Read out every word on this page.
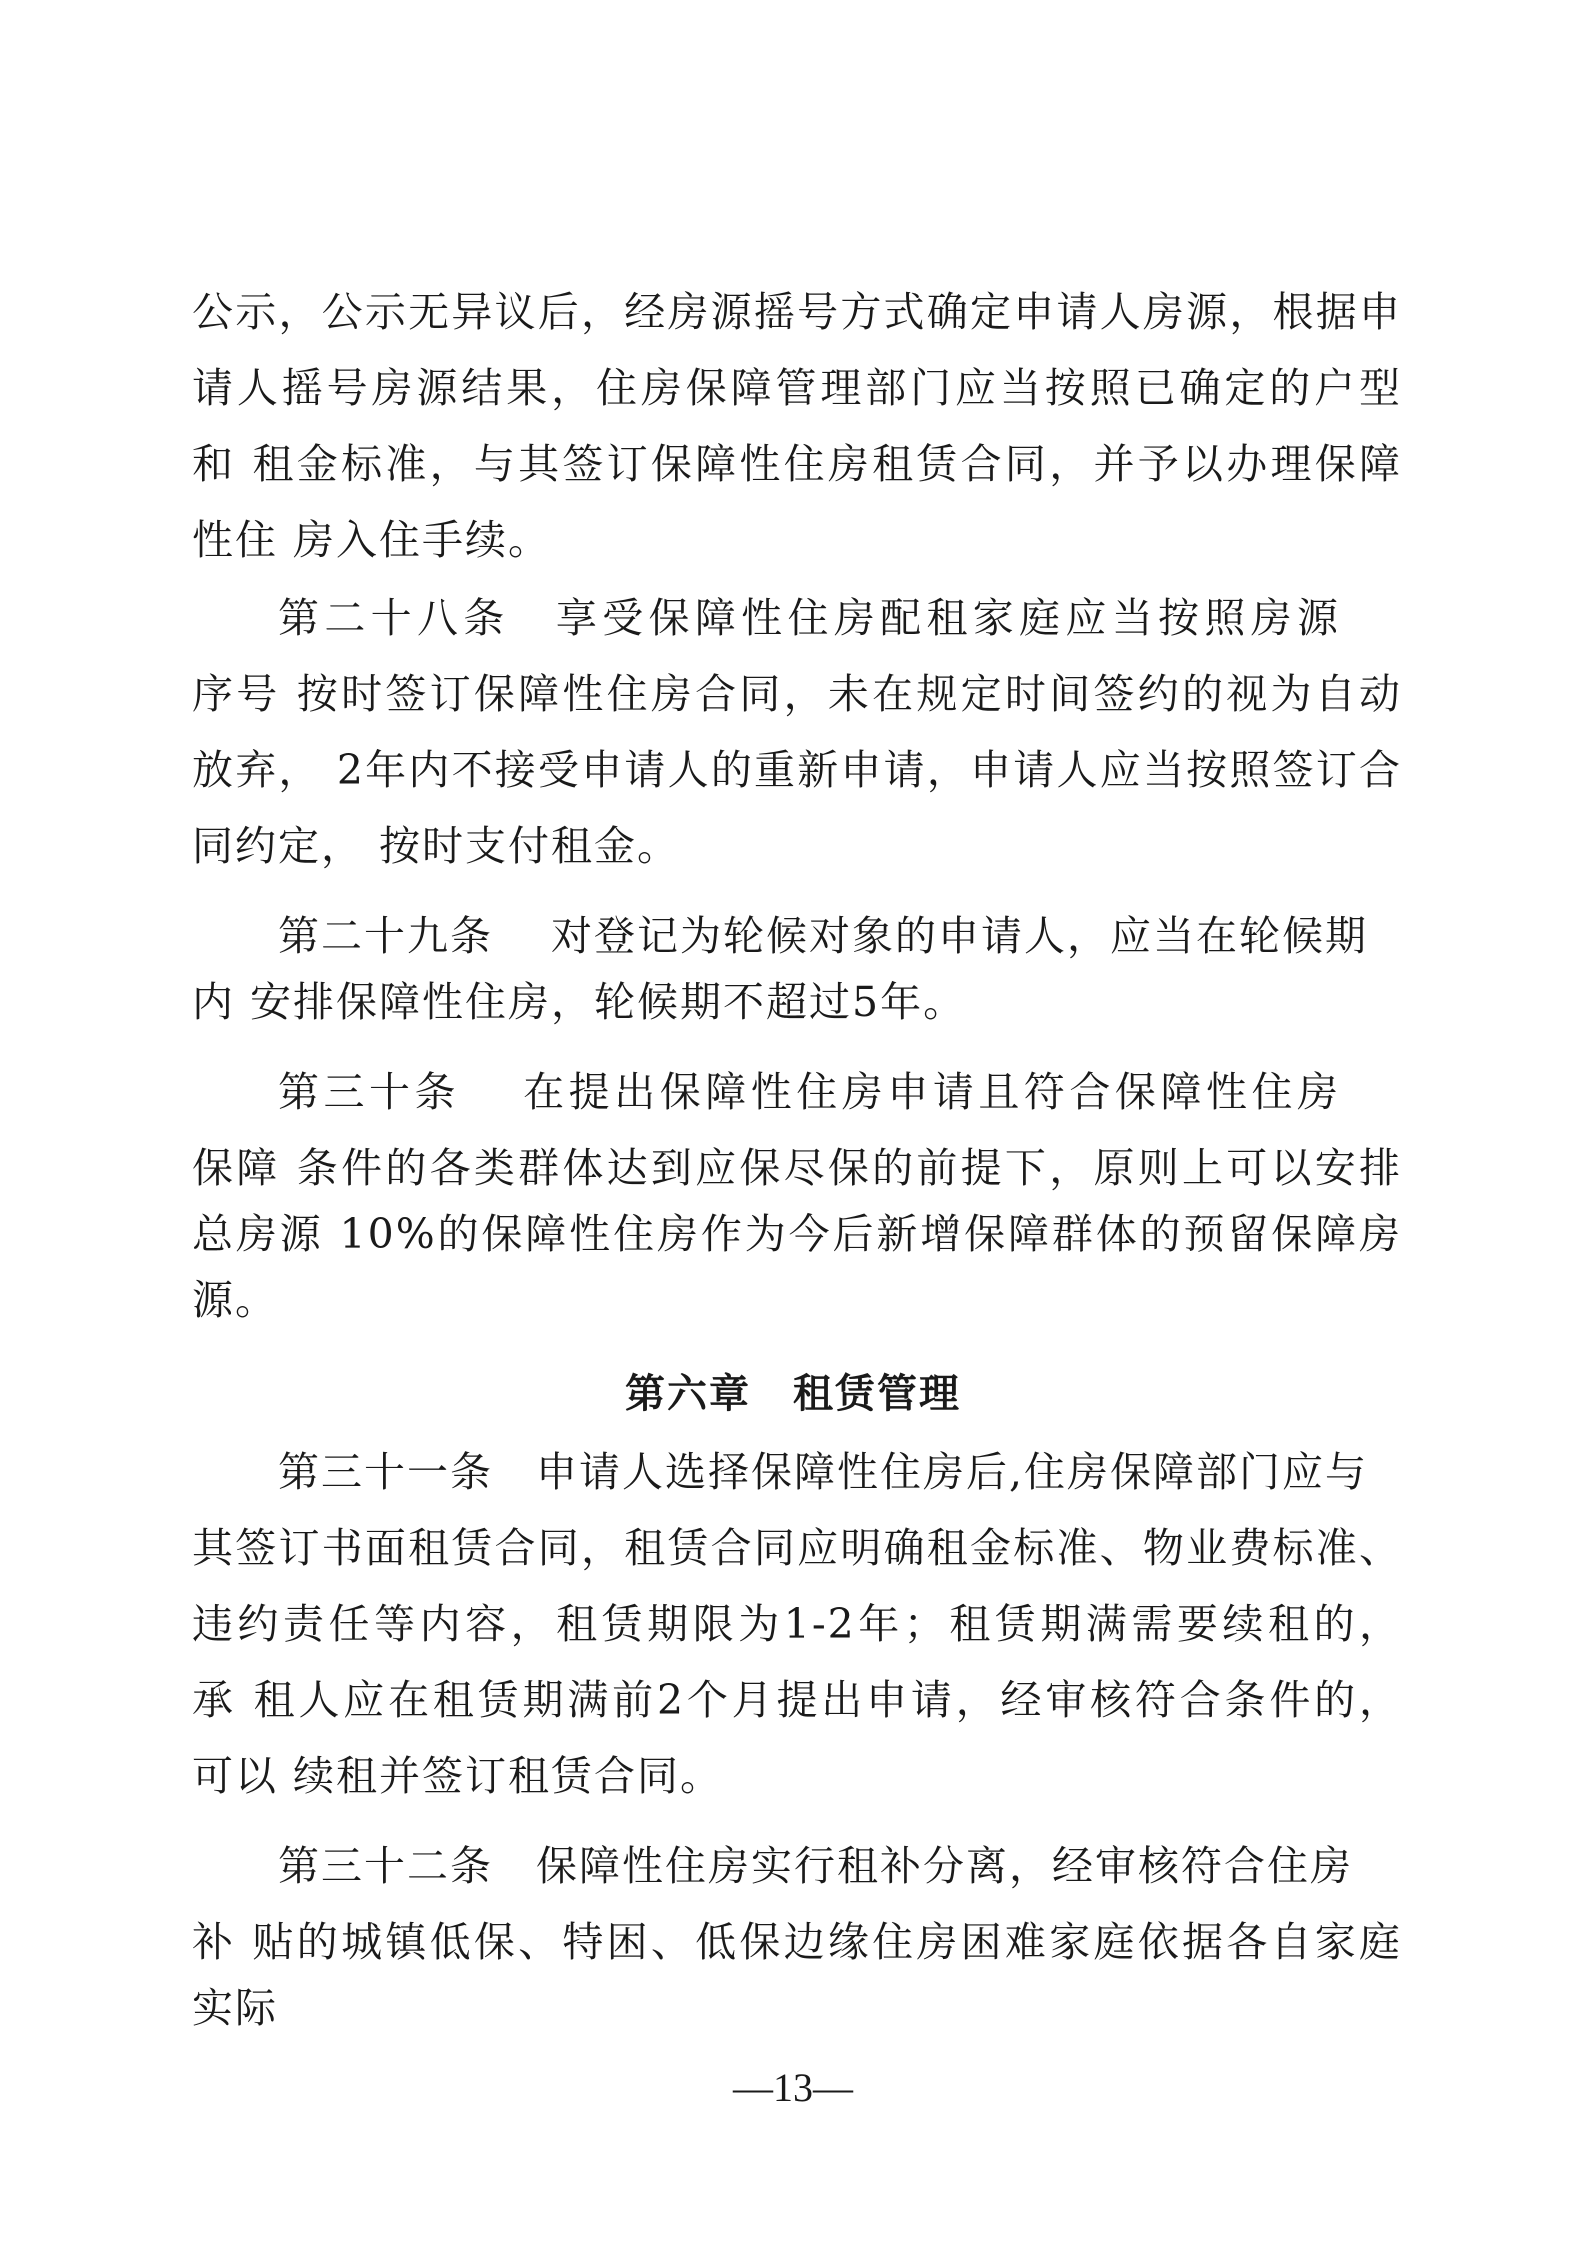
公示，公示无异议后，经房源摇号方式确定申请人房源，根据申
请人摇号房源结果，住房保障管理部门应当按照已确定的户型
和 租金标准，与其签订保障性住房租赁合同，并予以办理保障
性住 房入住手续。
第二十八条　享受保障性住房配租家庭应当按照房源
序号 按时签订保障性住房合同，未在规定时间签约的视为自动
放弃， 2年内不接受申请人的重新申请，申请人应当按照签订合
同约定， 按时支付租金。
第二十九条　 对登记为轮候对象的申请人，应当在轮候期
内 安排保障性住房，轮候期不超过5年。
第三十条　 在提出保障性住房申请且符合保障性住房
保障 条件的各类群体达到应保尽保的前提下，原则上可以安排
总房源 10%的保障性住房作为今后新增保障群体的预留保障房
源。
第六章　租赁管理
第三十一条　申请人选择保障性住房后,住房保障部门应与
其签订书面租赁合同，租赁合同应明确租金标准、物业费标准、
违约责任等内容，租赁期限为1-2年；租赁期满需要续租的，
承 租人应在租赁期满前2个月提出申请，经审核符合条件的，
可以 续租并签订租赁合同。
第三十二条　保障性住房实行租补分离，经审核符合住房
补 贴的城镇低保、特困、低保边缘住房困难家庭依据各自家庭
实际
—13—
